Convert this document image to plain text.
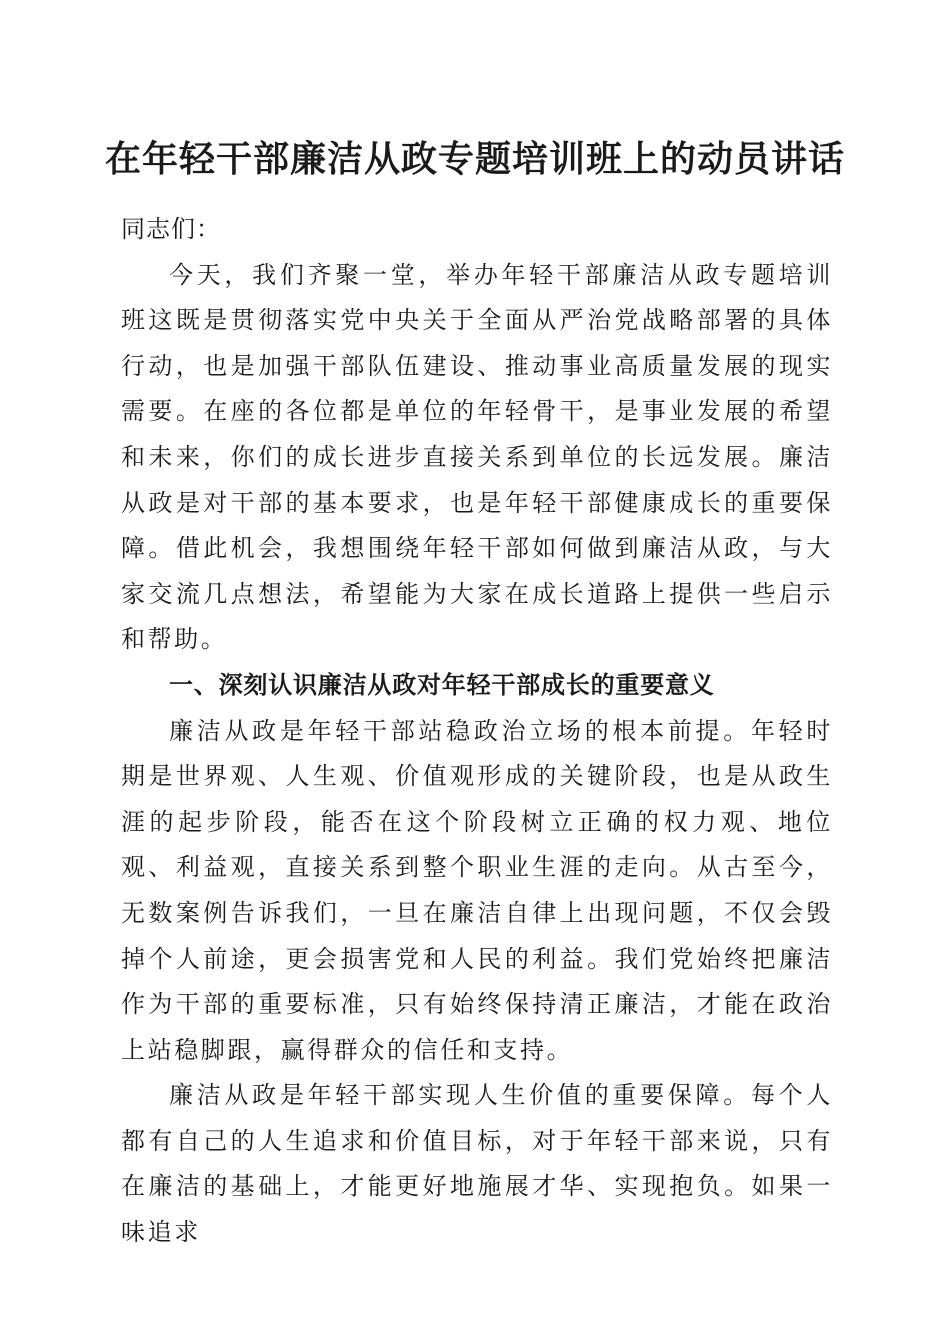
在年轻干部廉洁从政专题培训班上的动员讲话

同志们：

今天，我们齐聚一堂，举办年轻干部廉洁从政专题培训班这既是贯彻落实党中央关于全面从严治党战略部署的具体行动，也是加强干部队伍建设、推动事业高质量发展的现实需要。在座的各位都是单位的年轻骨干，是事业发展的希望和未来，你们的成长进步直接关系到单位的长远发展。廉洁从政是对干部的基本要求，也是年轻干部健康成长的重要保障。借此机会，我想围绕年轻干部如何做到廉洁从政，与大家交流几点想法，希望能为大家在成长道路上提供一些启示和帮助。

一、深刻认识廉洁从政对年轻干部成长的重要意义

廉洁从政是年轻干部站稳政治立场的根本前提。年轻时期是世界观、人生观、价值观形成的关键阶段，也是从政生涯的起步阶段，能否在这个阶段树立正确的权力观、地位观、利益观，直接关系到整个职业生涯的走向。从古至今，无数案例告诉我们，一旦在廉洁自律上出现问题，不仅会毁掉个人前途，更会损害党和人民的利益。我们党始终把廉洁作为干部的重要标准，只有始终保持清正廉洁，才能在政治上站稳脚跟，赢得群众的信任和支持。

廉洁从政是年轻干部实现人生价值的重要保障。每个人都有自己的人生追求和价值目标，对于年轻干部来说，只有在廉洁的基础上，才能更好地施展才华、实现抱负。如果一味追求
